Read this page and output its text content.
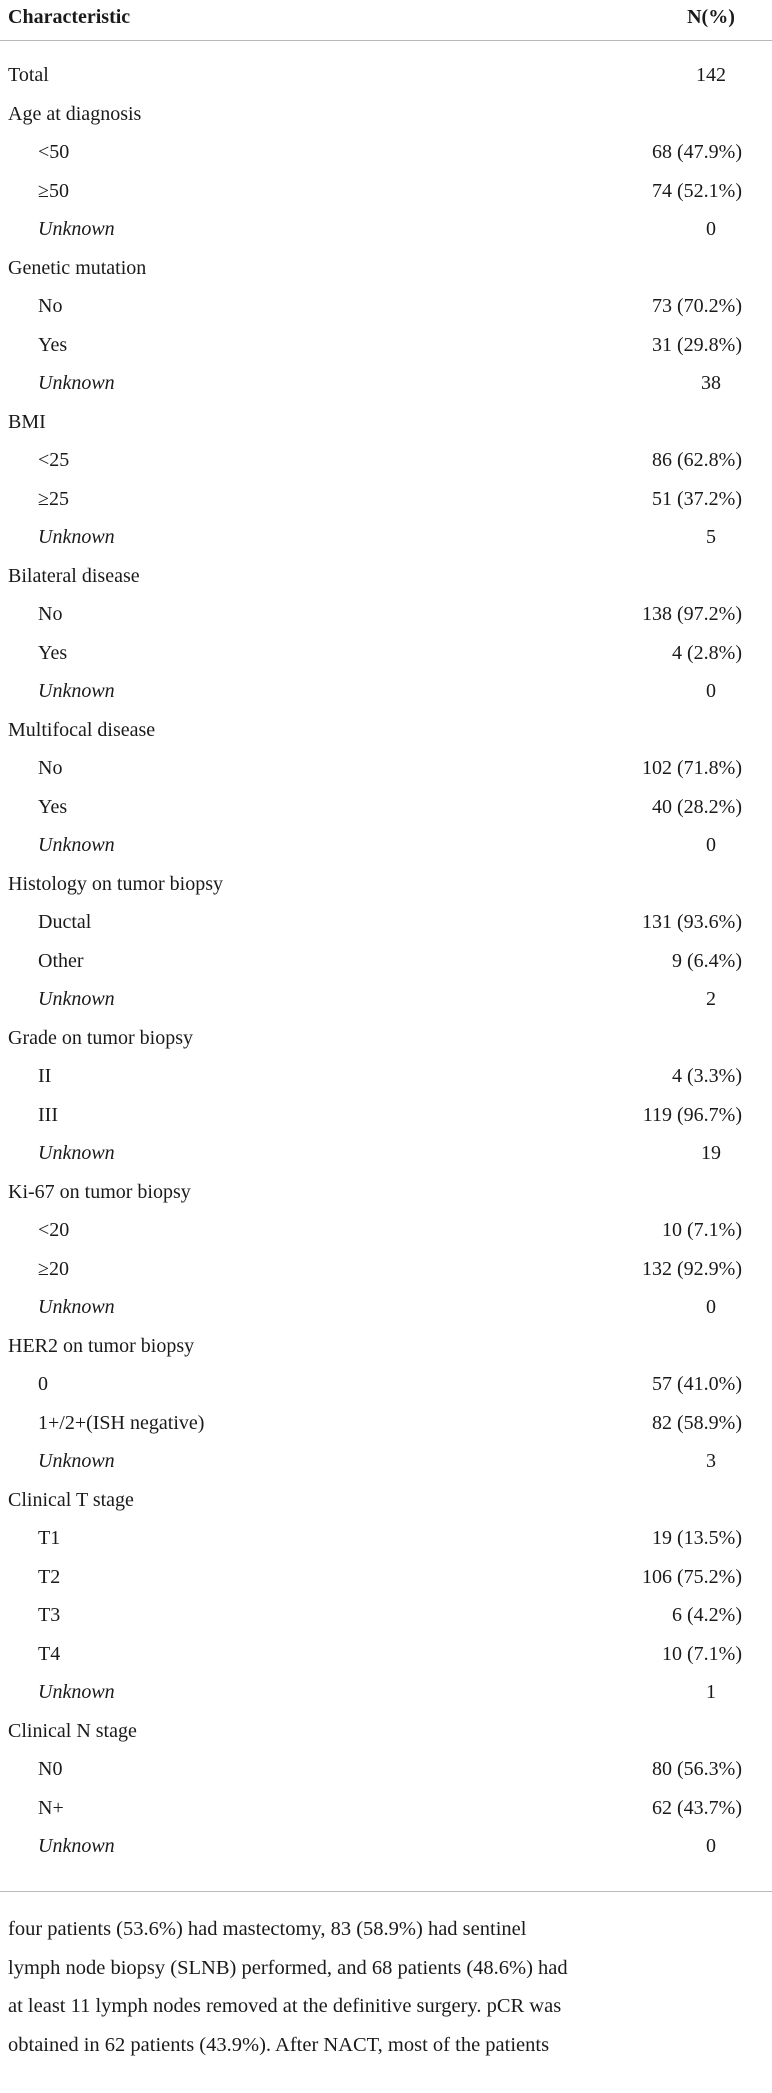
Characteristic	N(%)
Total	142
Age at diagnosis
<50	68 (47.9%)
≥50	74 (52.1%)
Unknown	0
Genetic mutation
No	73 (70.2%)
Yes	31 (29.8%)
Unknown	38
BMI
<25	86 (62.8%)
≥25	51 (37.2%)
Unknown	5
Bilateral disease
No	138 (97.2%)
Yes	4 (2.8%)
Unknown	0
Multifocal disease
No	102 (71.8%)
Yes	40 (28.2%)
Unknown	0
Histology on tumor biopsy
Ductal	131 (93.6%)
Other	9 (6.4%)
Unknown	2
Grade on tumor biopsy
II	4 (3.3%)
III	119 (96.7%)
Unknown	19
Ki-67 on tumor biopsy
<20	10 (7.1%)
≥20	132 (92.9%)
Unknown	0
HER2 on tumor biopsy
0	57 (41.0%)
1+/2+(ISH negative)	82 (58.9%)
Unknown	3
Clinical T stage
T1	19 (13.5%)
T2	106 (75.2%)
T3	6 (4.2%)
T4	10 (7.1%)
Unknown	1
Clinical N stage
N0	80 (56.3%)
N+	62 (43.7%)
Unknown	0

four patients (53.6%) had mastectomy, 83 (58.9%) had sentinel

lymph node biopsy (SLNB) performed, and 68 patients (48.6%) had

at least 11 lymph nodes removed at the definitive surgery. pCR was

obtained in 62 patients (43.9%). After NACT, most of the patients
